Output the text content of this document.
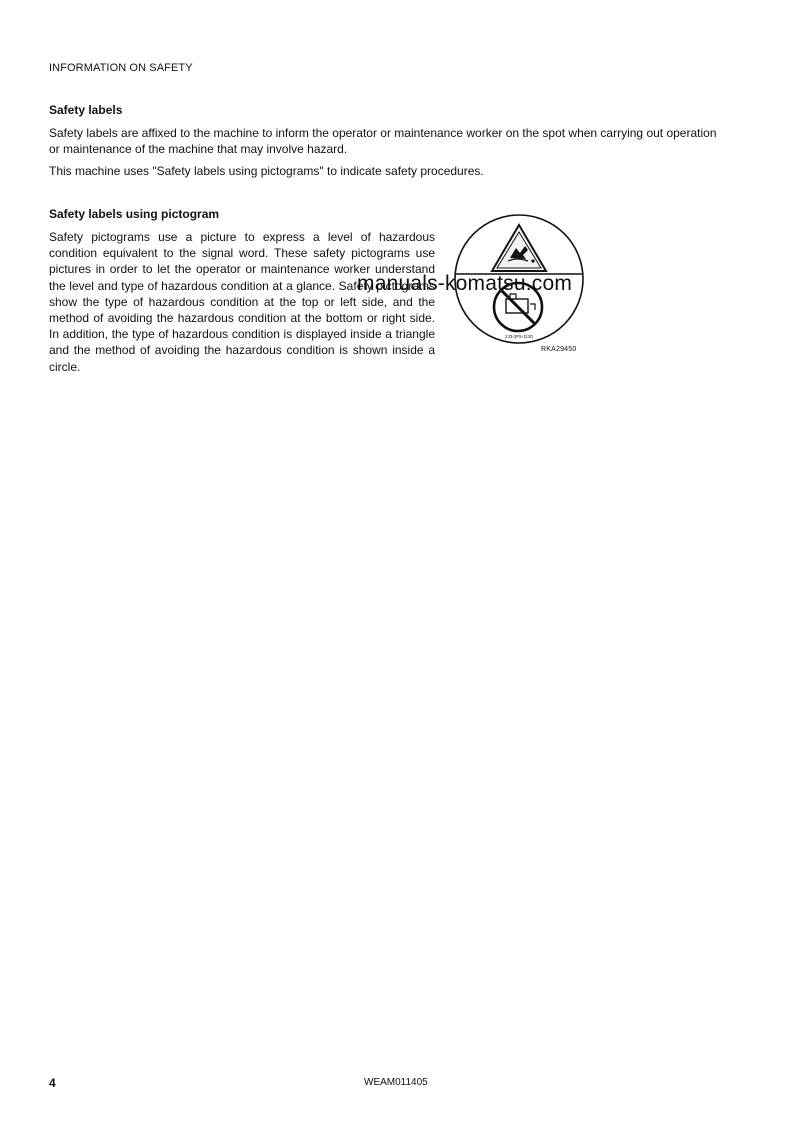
INFORMATION ON SAFETY
Safety labels
Safety labels are affixed to the machine to inform the operator or maintenance worker on the spot when carrying out operation or maintenance of the machine that may involve hazard.
This machine uses "Safety labels using pictograms" to indicate safety procedures.
Safety labels using pictogram
Safety pictograms use a picture to express a level of hazardous condition equivalent to the signal word. These safety pictograms use pictures in order to let the operator or maintenance worker understand the level and type of hazardous condition at a glance. Safety pictograms show the type of hazardous condition at the top or left side, and the method of avoiding the hazardous condition at the bottom or right side. In addition, the type of hazardous condition is displayed inside a triangle and the method of avoiding the hazardous condition is shown inside a circle.
2J3-3F5-1130
RKA29450
manuals-komatsu.com
4	WEAM011405
